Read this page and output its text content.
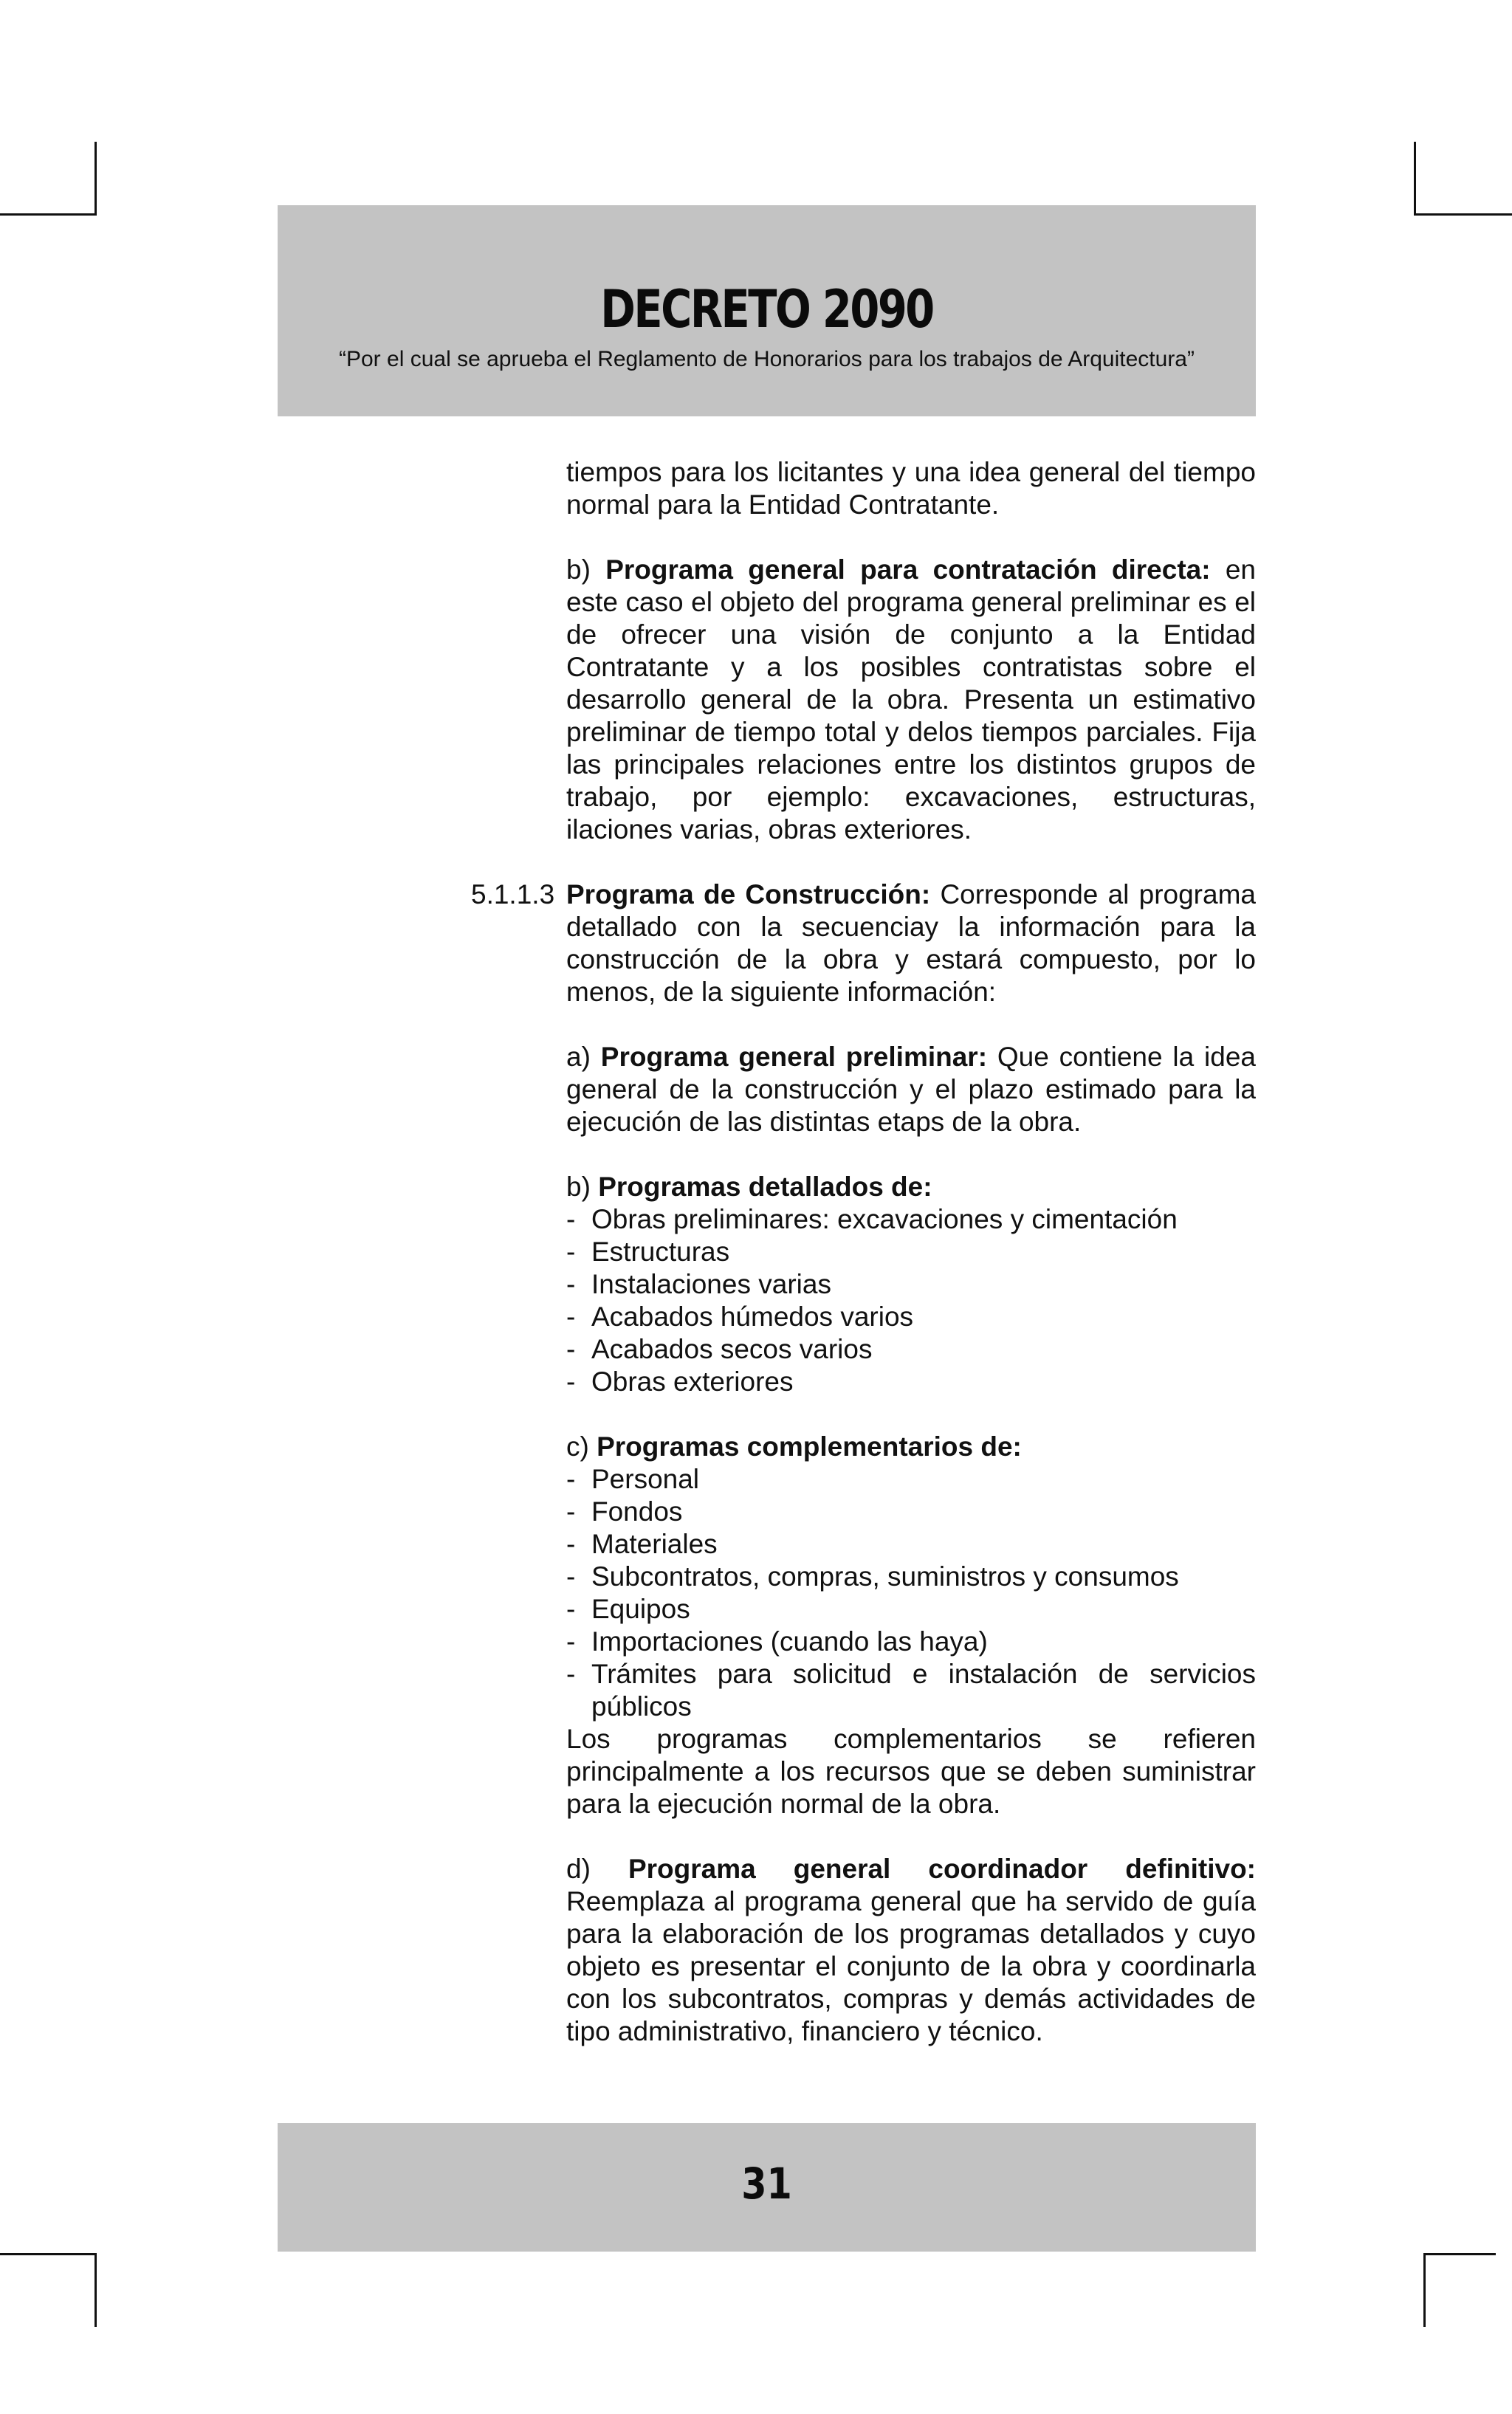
DECRETO 2090
“Por el cual se aprueba el Reglamento de Honorarios para los trabajos de Arquitectura”
5.1.1.3

tiempos para los licitantes y una idea general del tiempo normal para la Entidad Contratante.

b) Programa general para contratación directa: en este caso el objeto del programa general preliminar es el de ofrecer una visión de conjunto a la Entidad Contratante y a los posibles contratistas sobre el desarrollo general de la obra. Presenta un estimativo preliminar de tiempo total y delos tiempos parciales. Fija las principales relaciones entre los distintos grupos de trabajo, por ejemplo: excavaciones, estructuras, ilaciones varias, obras exteriores.

Programa de Construcción: Corresponde al programa detallado con la secuenciay la información para la construcción de la obra y estará compuesto, por lo menos, de la siguiente información:

a) Programa general preliminar: Que contiene la idea general de la construcción y el plazo estimado para la ejecución de las distintas etaps de la obra.

b) Programas detallados de:

- Obras preliminares: excavaciones y cimentación
- Estructuras
- Instalaciones varias
- Acabados húmedos varios
- Acabados secos varios
- Obras exteriores

c) Programas complementarios de:

- Personal
- Fondos
- Materiales
- Subcontratos, compras, suministros y consumos
- Equipos
- Importaciones (cuando las haya)
- Trámites para solicitud e instalación de servicios públicos

Los programas complementarios se refieren principalmente a los recursos que se deben suministrar para la ejecución normal de la obra.

d) Programa general coordinador definitivo: Reemplaza al programa general que ha servido de guía para la elaboración de los programas detallados y cuyo objeto es presentar el conjunto de la obra y coordinarla con los subcontratos, compras y demás actividades de tipo administrativo, financiero y técnico.

31
